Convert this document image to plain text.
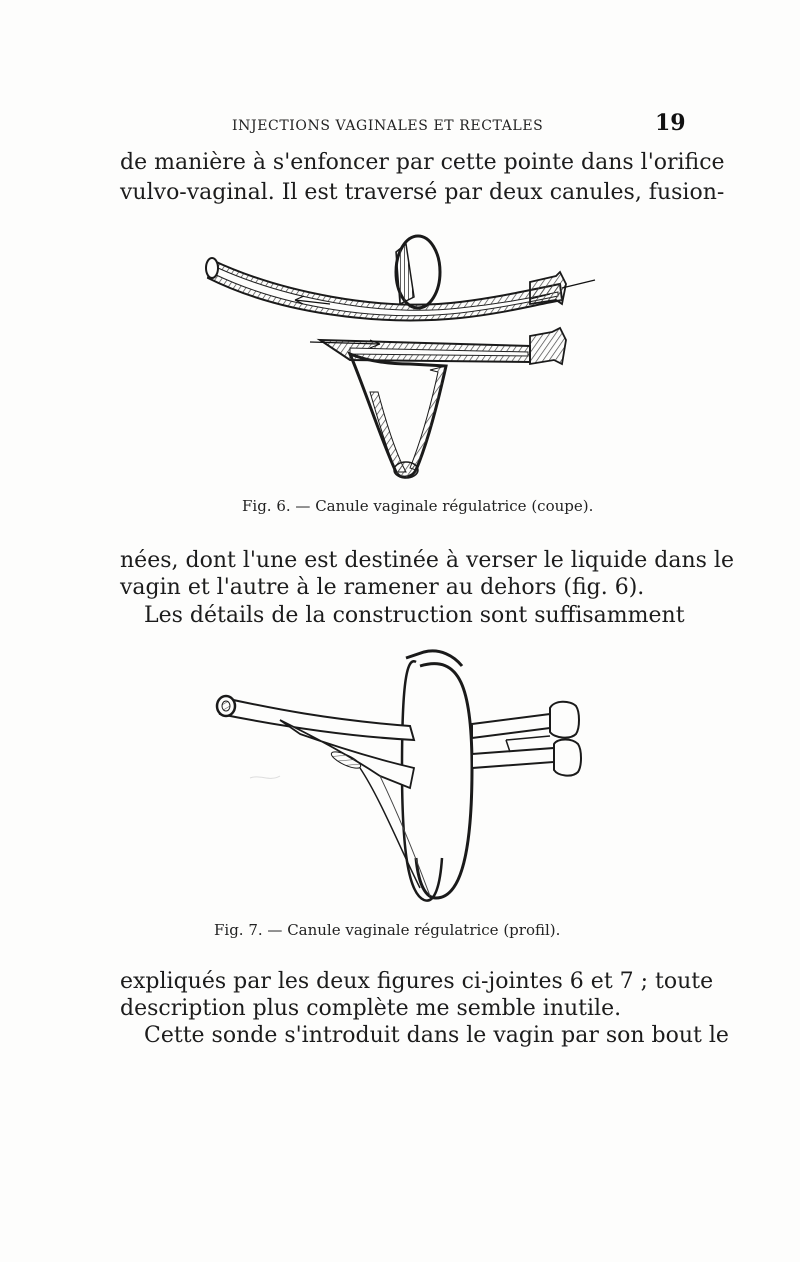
INJECTIONS VAGINALES ET RECTALES	19
de manière à s'enfoncer par cette pointe dans l'orifice
vulvo-vaginal. Il est traversé par deux canules, fusion-
Fig. 6. — Canule vaginale régulatrice (coupe).
nées, dont l'une est destinée à verser le liquide dans le
vagin et l'autre à le ramener au dehors (fig. 6).
Les détails de la construction sont suffisamment
Fig. 7. — Canule vaginale régulatrice (profil).
expliqués par les deux figures ci-jointes 6 et 7 ; toute
description plus complète me semble inutile.
Cette sonde s'introduit dans le vagin par son bout le
